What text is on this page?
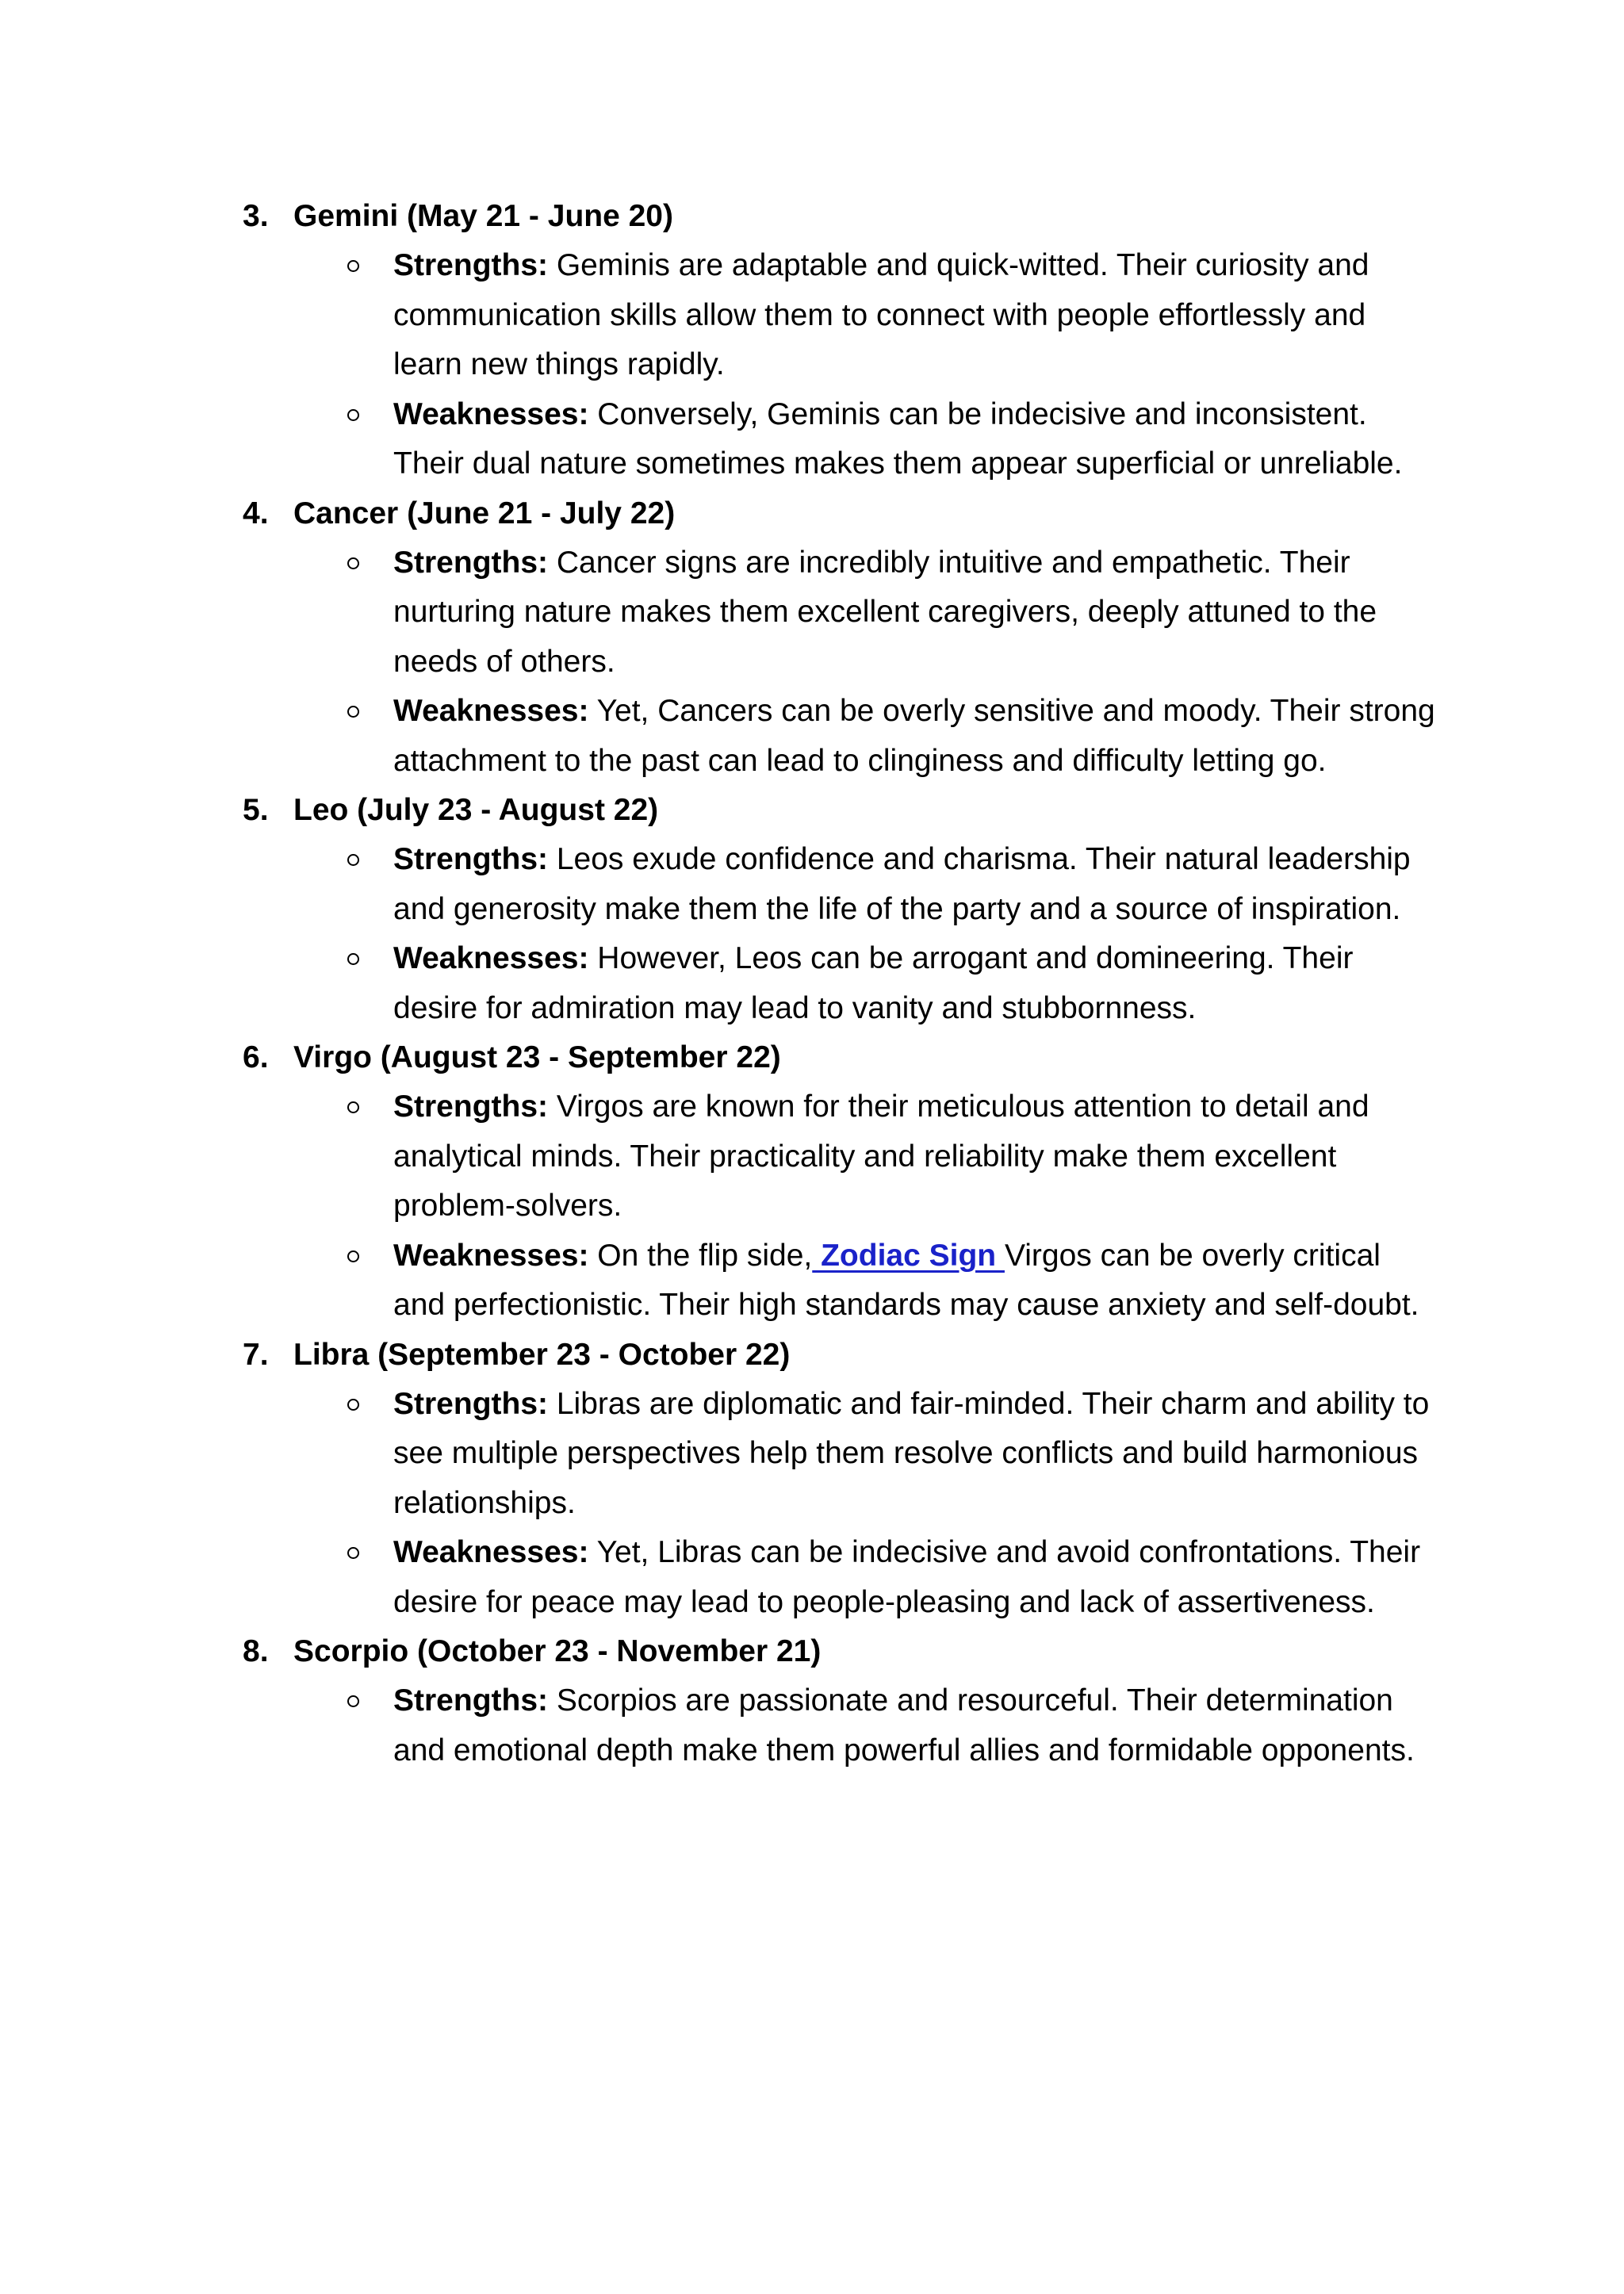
3. Gemini (May 21 - June 20)
Strengths: Geminis are adaptable and quick-witted. Their curiosity and communication skills allow them to connect with people effortlessly and learn new things rapidly.
Weaknesses: Conversely, Geminis can be indecisive and inconsistent. Their dual nature sometimes makes them appear superficial or unreliable.
4. Cancer (June 21 - July 22)
Strengths: Cancer signs are incredibly intuitive and empathetic. Their nurturing nature makes them excellent caregivers, deeply attuned to the needs of others.
Weaknesses: Yet, Cancers can be overly sensitive and moody. Their strong attachment to the past can lead to clinginess and difficulty letting go.
5. Leo (July 23 - August 22)
Strengths: Leos exude confidence and charisma. Their natural leadership and generosity make them the life of the party and a source of inspiration.
Weaknesses: However, Leos can be arrogant and domineering. Their desire for admiration may lead to vanity and stubbornness.
6. Virgo (August 23 - September 22)
Strengths: Virgos are known for their meticulous attention to detail and analytical minds. Their practicality and reliability make them excellent problem-solvers.
Weaknesses: On the flip side, Zodiac Sign Virgos can be overly critical and perfectionistic. Their high standards may cause anxiety and self-doubt.
7. Libra (September 23 - October 22)
Strengths: Libras are diplomatic and fair-minded. Their charm and ability to see multiple perspectives help them resolve conflicts and build harmonious relationships.
Weaknesses: Yet, Libras can be indecisive and avoid confrontations. Their desire for peace may lead to people-pleasing and lack of assertiveness.
8. Scorpio (October 23 - November 21)
Strengths: Scorpios are passionate and resourceful. Their determination and emotional depth make them powerful allies and formidable opponents.
